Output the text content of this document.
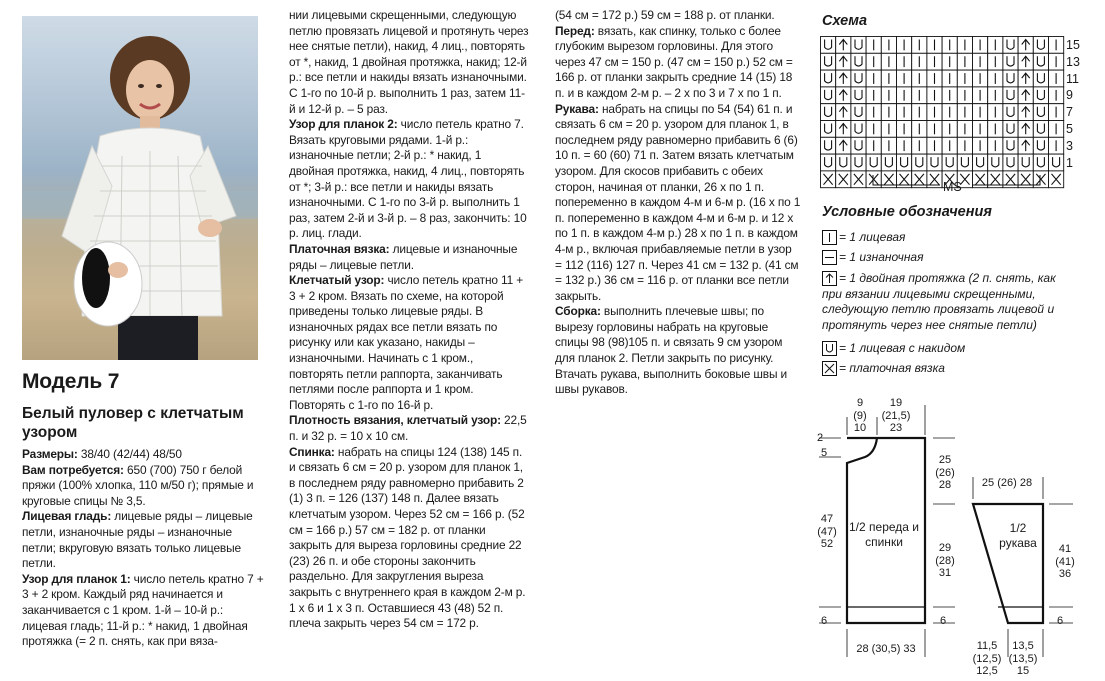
Модель 7
Белый пуловер с клетчатым узором

Размеры: 38/40 (42/44) 48/50

Вам потребуется: 650 (700) 750 г белой пряжи (100% хлопка, 110 м/50 г); прямые и круговые спицы № 3,5.

Лицевая гладь: лицевые ряды – лицевые петли, изнаночные ряды – изнаночные петли; вкруговую вязать только лицевые петли.

Узор для планок 1: число петель кратно 7 + 3 + 2 кром. Каждый ряд начинается и заканчивается с 1 кром. 1-й – 10-й р.: лицевая гладь; 11-й р.: * накид, 1 двойная протяжка (= 2 п. снять, как при вяза-

нии лицевыми скрещенными, следующую петлю провязать лицевой и протянуть через нее снятые петли), накид, 4 лиц., повторять от *, накид, 1 двойная протяжка, накид; 12-й р.: все петли и накиды вязать изнаночными. С 1-го по 10-й р. выполнить 1 раз, затем 11-й и 12-й р. – 5 раз.

Узор для планок 2: число петель кратно 7. Вязать круговыми рядами. 1-й р.: изнаночные петли; 2-й р.: * накид, 1 двойная протяжка, накид, 4 лиц., повторять от *; 3-й р.: все петли и накиды вязать изнаночными. С 1-го по 3-й р. выполнить 1 раз, затем 2-й и 3-й р. – 8 раз, закончить: 10 р. лиц. глади.

Платочная вязка: лицевые и изнаночные ряды – лицевые петли.

Клетчатый узор: число петель кратно 11 + 3 + 2 кром. Вязать по схеме, на которой приведены только лицевые ряды. В изнаночных рядах все петли вязать по рисунку или как указано, накиды – изнаночными. Начинать с 1 кром., повторять петли раппорта, заканчивать петлями после раппорта и 1 кром. Повторять с 1-го по 16-й р.

Плотность вязания, клетчатый узор: 22,5 п. и 32 р. = 10 х 10 см.

Спинка: набрать на спицы 124 (138) 145 п. и связать 6 см = 20 р. узором для планок 1, в последнем ряду равномерно прибавить 2 (1) 3 п. = 126 (137) 148 п. Далее вязать клетчатым узором. Через 52 см = 166 р. (52 см = 166 р.) 57 см = 182 р. от планки закрыть для выреза горловины средние 22 (23) 26 п. и обе стороны закончить раздельно. Для закругления выреза закрыть с внутреннего края в каждом 2-м р. 1 х 6 и 1 х 3 п. Оставшиеся 43 (48) 52 п. плеча закрыть через 54 см = 172 р.

(54 см = 172 р.) 59 см = 188 р. от планки.

Перед: вязать, как спинку, только с более глубоким вырезом горловины. Для этого через 47 см = 150 р. (47 см = 150 р.) 52 см = 166 р. от планки закрыть средние 14 (15) 18 п. и в каждом 2-м р. – 2 х по 3 и 7 х по 1 п.

Рукава: набрать на спицы по 54 (54) 61 п. и связать 6 см = 20 р. узором для планок 1, в последнем ряду равномерно прибавить 6 (6) 10 п. = 60 (60) 71 п. Затем вязать клетчатым узором. Для скосов прибавить с обеих сторон, начиная от планки, 26 х по 1 п. попеременно в каждом 4-м и 6-м р. (16 х по 1 п. попеременно в каждом 4-м и 6-м р. и 12 х по 1 п. в каждом 4-м р.) 28 х по 1 п. в каждом 4-м р., включая прибавляемые петли в узор = 112 (116) 127 п. Через 41 см = 132 р. (41 см = 132 р.) 36 см = 116 р. от планки все петли закрыть.

Сборка: выполнить плечевые швы; по вырезу горловины набрать на круговые спицы 98 (98)105 п. и связать 9 см узором для планок 2. Петли закрыть по рисунку. Втачать рукава, выполнить боковые швы и швы рукавов.

Схема
15
13
11
9
7
5
3
1
MS
Условные обозначения
= 1 лицевая
= 1 изнаночная
= 1 двойная протяжка (2 п. снять, как при вязании лицевыми скрещенными, следующую петлю провязать лицевой и протянуть через нее снятые петли)
= 1 лицевая с накидом
= платочная вязка
1/2 переда и спинки
1/2 рукава
2
5
9
(9)
10
19
(21,5)
23
25
(26)
28
29
(28)
31
47
(47)
52
6	6
28 (30,5) 33
25 (26) 28
41
(41)
36
6
11,5
(12,5)
12,5
13,5
(13,5)
15
